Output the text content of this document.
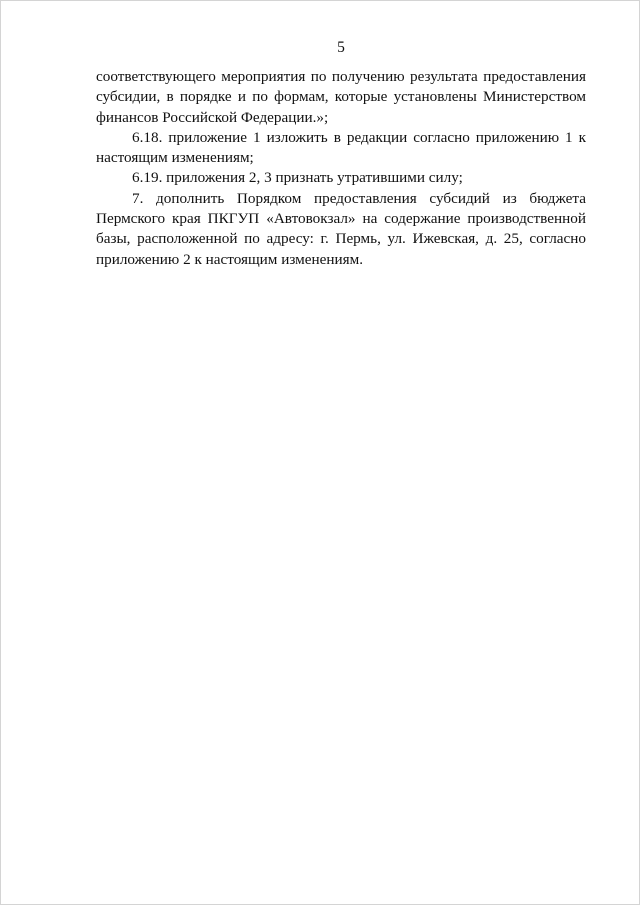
5

соответствующего мероприятия по получению результата предоставления субсидии, в порядке и по формам, которые установлены Министерством финансов Российской Федерации.»;

6.18. приложение 1 изложить в редакции согласно приложению 1 к настоящим изменениям;

6.19. приложения 2, 3 признать утратившими силу;

7. дополнить Порядком предоставления субсидий из бюджета Пермского края ПКГУП «Автовокзал» на содержание производственной базы, расположенной по адресу: г. Пермь, ул. Ижевская, д. 25, согласно приложению 2 к настоящим изменениям.
